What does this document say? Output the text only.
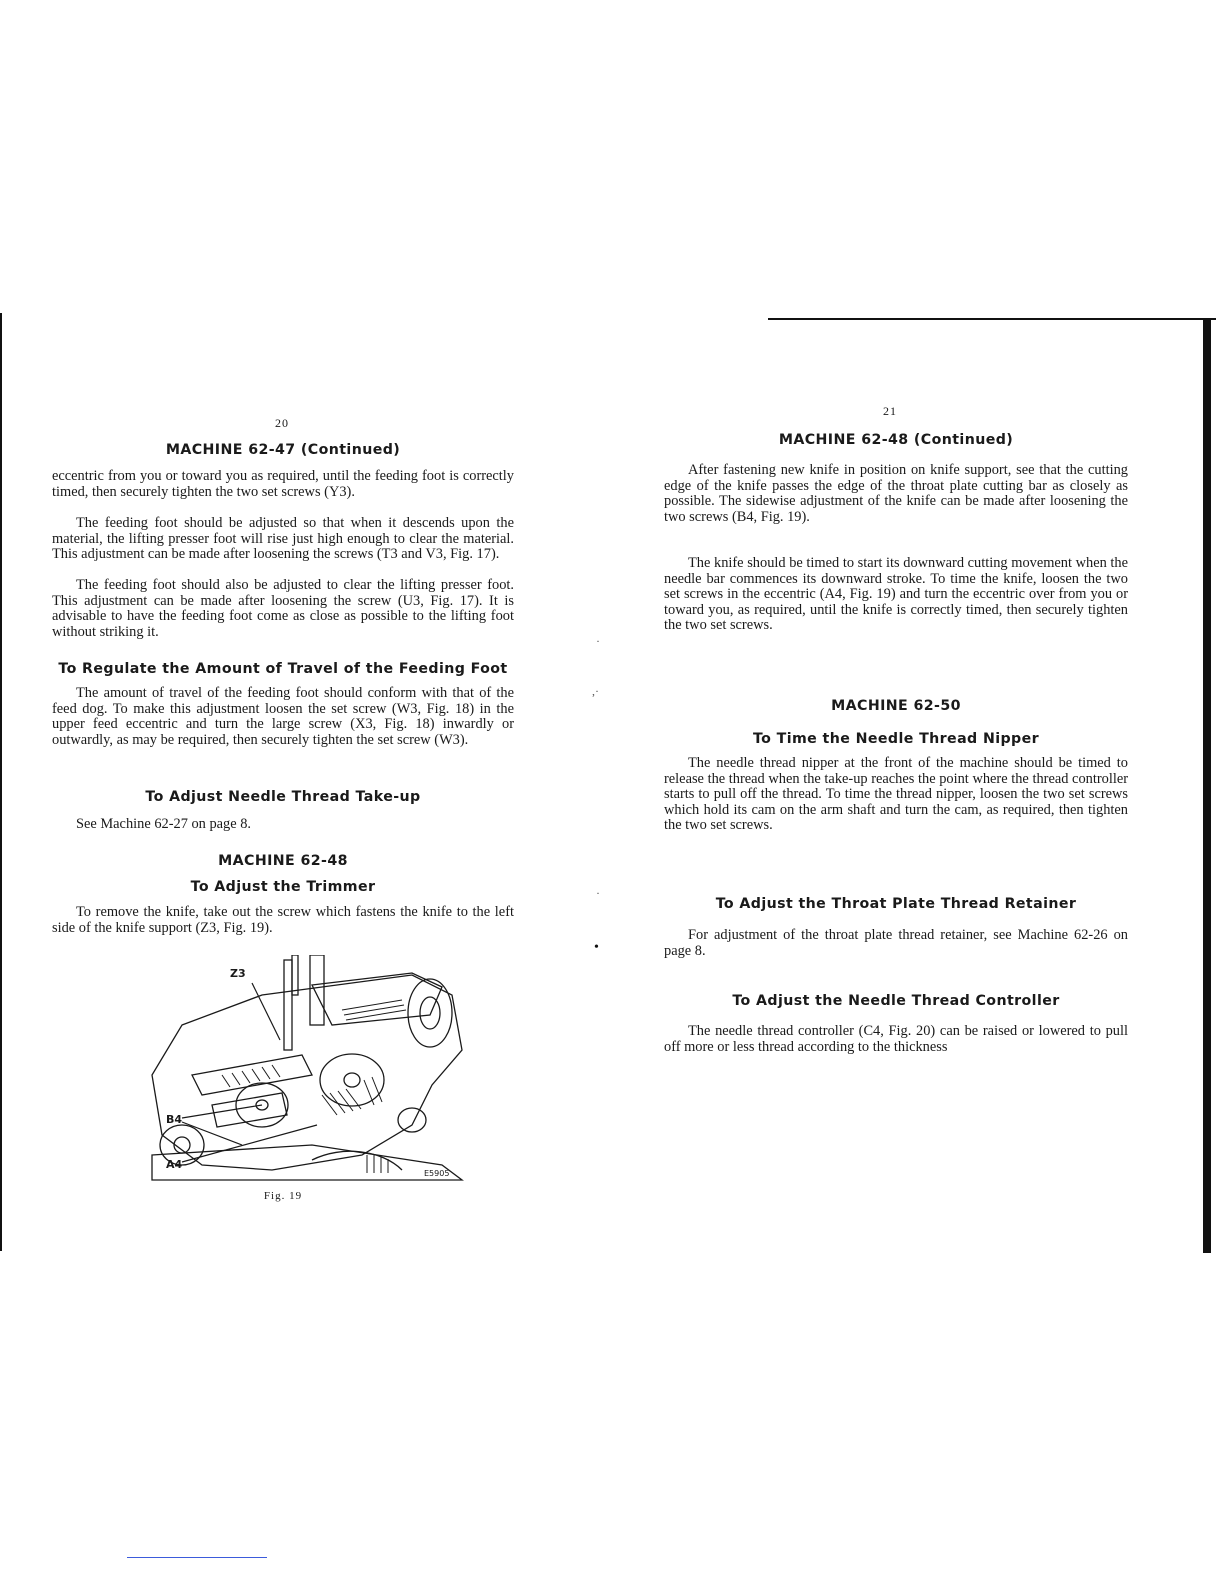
·
,·
·
•
20
MACHINE 62-47 (Continued)

eccentric from you or toward you as required, until the feeding foot is correctly timed, then securely tighten the two set screws (Y3).

The feeding foot should be adjusted so that when it descends upon the material, the lifting presser foot will rise just high enough to clear the material. This adjustment can be made after loosening the screws (T3 and V3, Fig. 17).

The feeding foot should also be adjusted to clear the lifting presser foot. This adjustment can be made after loosening the screw (U3, Fig. 17). It is advisable to have the feeding foot come as close as possible to the lifting foot without striking it.

To Regulate the Amount of Travel of the Feeding Foot

The amount of travel of the feeding foot should conform with that of the feed dog. To make this adjustment loosen the set screw (W3, Fig. 18) in the upper feed eccentric and turn the large screw (X3, Fig. 18) inwardly or outwardly, as may be required, then securely tighten the set screw (W3).

To Adjust Needle Thread Take-up
See Machine 62-27 on page 8.
MACHINE 62-48
To Adjust the Trimmer

To remove the knife, take out the screw which fastens the knife to the left side of the knife support (Z3, Fig. 19).

Z3
B4
A4
E5905
Fig. 19
21
MACHINE 62-48 (Continued)

After fastening new knife in position on knife support, see that the cutting edge of the knife passes the edge of the throat plate cutting bar as closely as possible. The sidewise adjustment of the knife can be made after loosening the two screws (B4, Fig. 19).

The knife should be timed to start its downward cutting movement when the needle bar commences its downward stroke. To time the knife, loosen the two set screws in the eccentric (A4, Fig. 19) and turn the eccentric over from you or toward you, as required, until the knife is correctly timed, then securely tighten the two set screws.

MACHINE 62-50
To Time the Needle Thread Nipper

The needle thread nipper at the front of the machine should be timed to release the thread when the take-up reaches the point where the thread controller starts to pull off the thread. To time the thread nipper, loosen the two set screws which hold its cam on the arm shaft and turn the cam, as required, then tighten the two set screws.

To Adjust the Throat Plate Thread Retainer

For adjustment of the throat plate thread retainer, see Machine 62-26 on page 8.

To Adjust the Needle Thread Controller

The needle thread controller (C4, Fig. 20) can be raised or lowered to pull off more or less thread according to the thickness
